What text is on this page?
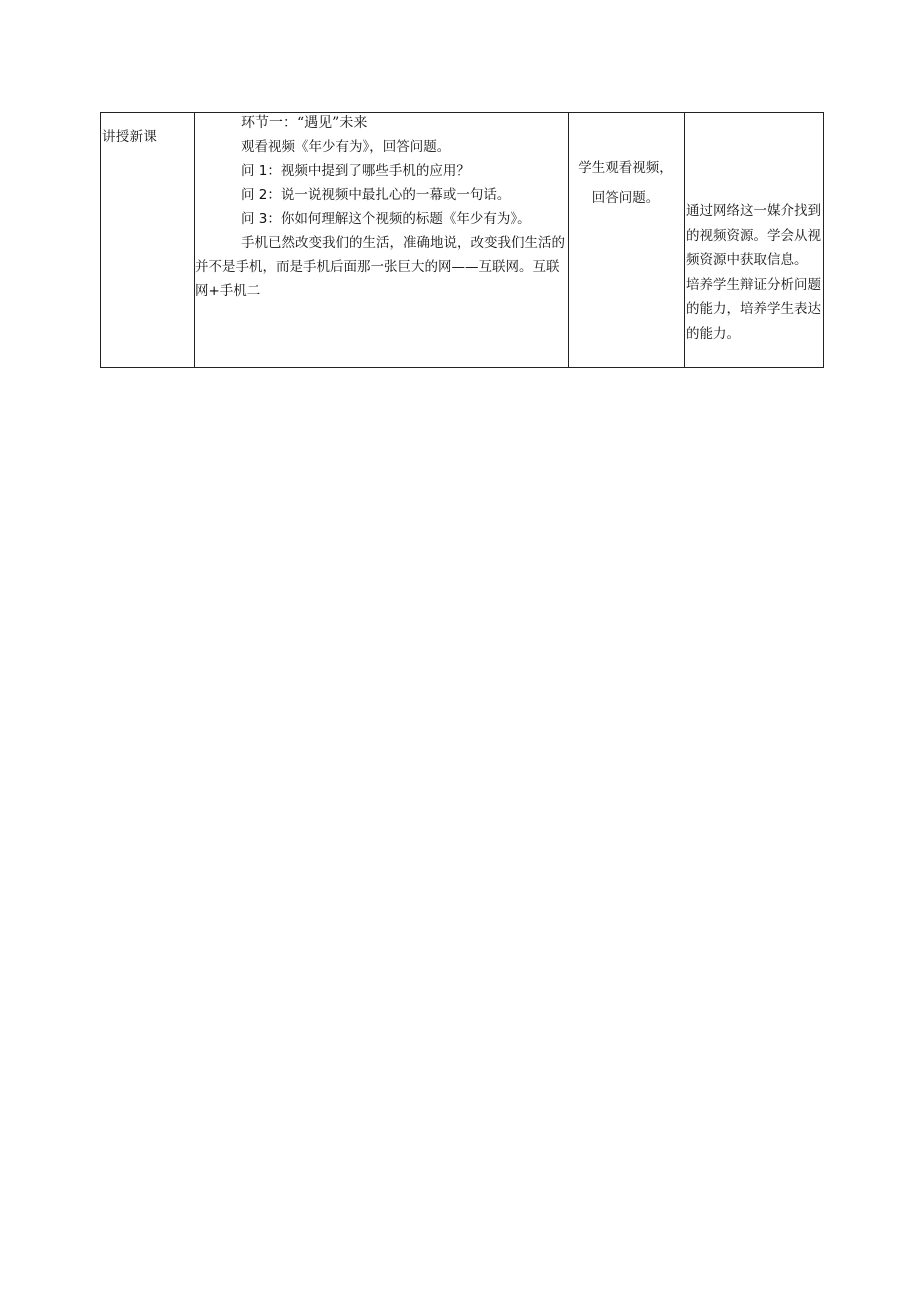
讲授新课

环节一：“遇见”未来
观看视频《年少有为》，回答问题。
问 1：视频中提到了哪些手机的应用？
问 2：说一说视频中最扎心的一幕或一句话。
问 3：你如何理解这个视频的标题《年少有为》。
手机已然改变我们的生活，准确地说，改变我们生活的并不是手机，而是手机后面那一张巨大的网——互联网。互联网+手机二

学生观看视频，
回答问题。

通过网络这一媒介找到的视频资源。学会从视频资源中获取信息。
培养学生辩证分析问题的能力，培养学生表达的能力。
